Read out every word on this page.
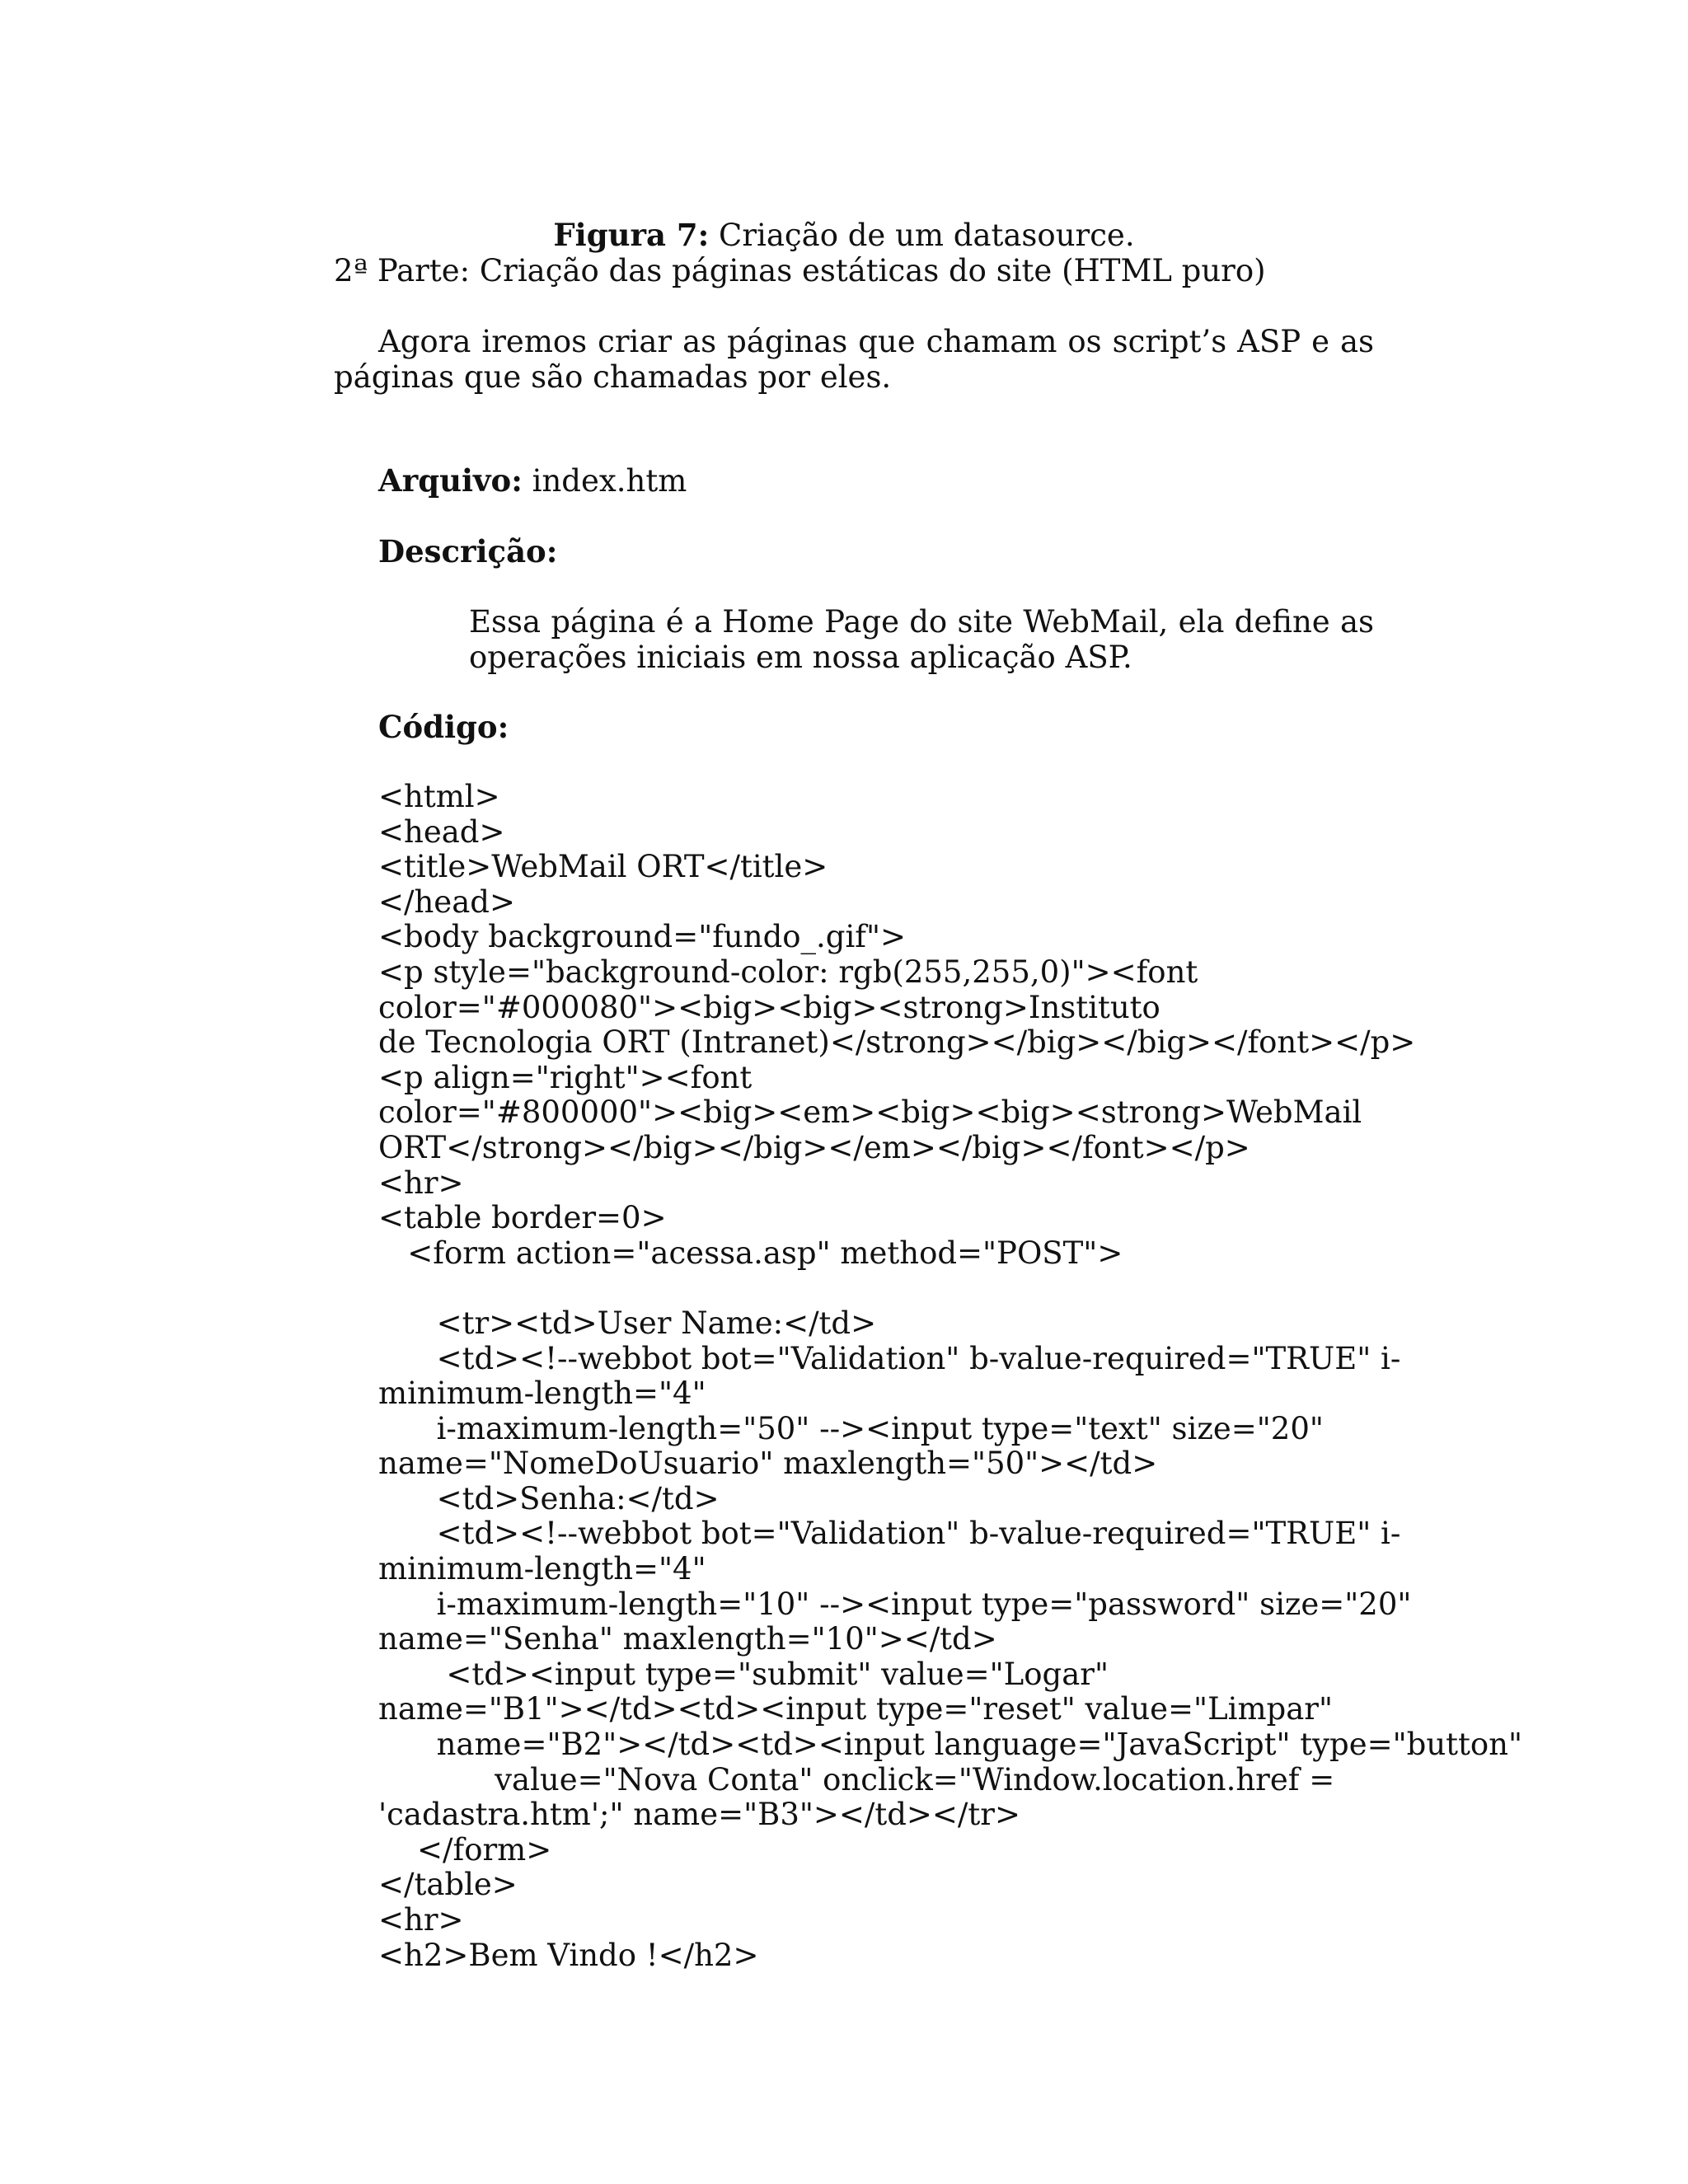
Figura 7: Criação de um datasource.
2ª Parte: Criação das páginas estáticas do site (HTML puro)

Agora iremos criar as páginas que chamam os script’s ASP e as páginas que são chamadas por eles.

Arquivo: index.htm
Descrição:

Essa página é a Home Page do site WebMail, ela define as operações iniciais em nossa aplicação ASP.

Código:
<html>
<head>
<title>WebMail ORT</title>
</head>
<body background="fundo_.gif">
<p style="background-color: rgb(255,255,0)"><font
color="#000080"><big><big><strong>Instituto
de Tecnologia ORT (Intranet)</strong></big></big></font></p>
<p align="right"><font
color="#800000"><big><em><big><big><strong>WebMail
ORT</strong></big></big></em></big></font></p>
<hr>
<table border=0>
<form action="acessa.asp" method="POST">
<tr><td>User Name:</td>
<td><!--webbot bot="Validation" b-value-required="TRUE" i-
minimum-length="4"
i-maximum-length="50" --><input type="text" size="20"
name="NomeDoUsuario" maxlength="50"></td>
<td>Senha:</td>
<td><!--webbot bot="Validation" b-value-required="TRUE" i-
minimum-length="4"
i-maximum-length="10" --><input type="password" size="20"
name="Senha" maxlength="10"></td>
<td><input type="submit" value="Logar"
name="B1"></td><td><input type="reset" value="Limpar"
name="B2"></td><td><input language="JavaScript" type="button"
value="Nova Conta" onclick="Window.location.href =
'cadastra.htm';" name="B3"></td></tr>
</form>
</table>
<hr>
<h2>Bem Vindo !</h2>
